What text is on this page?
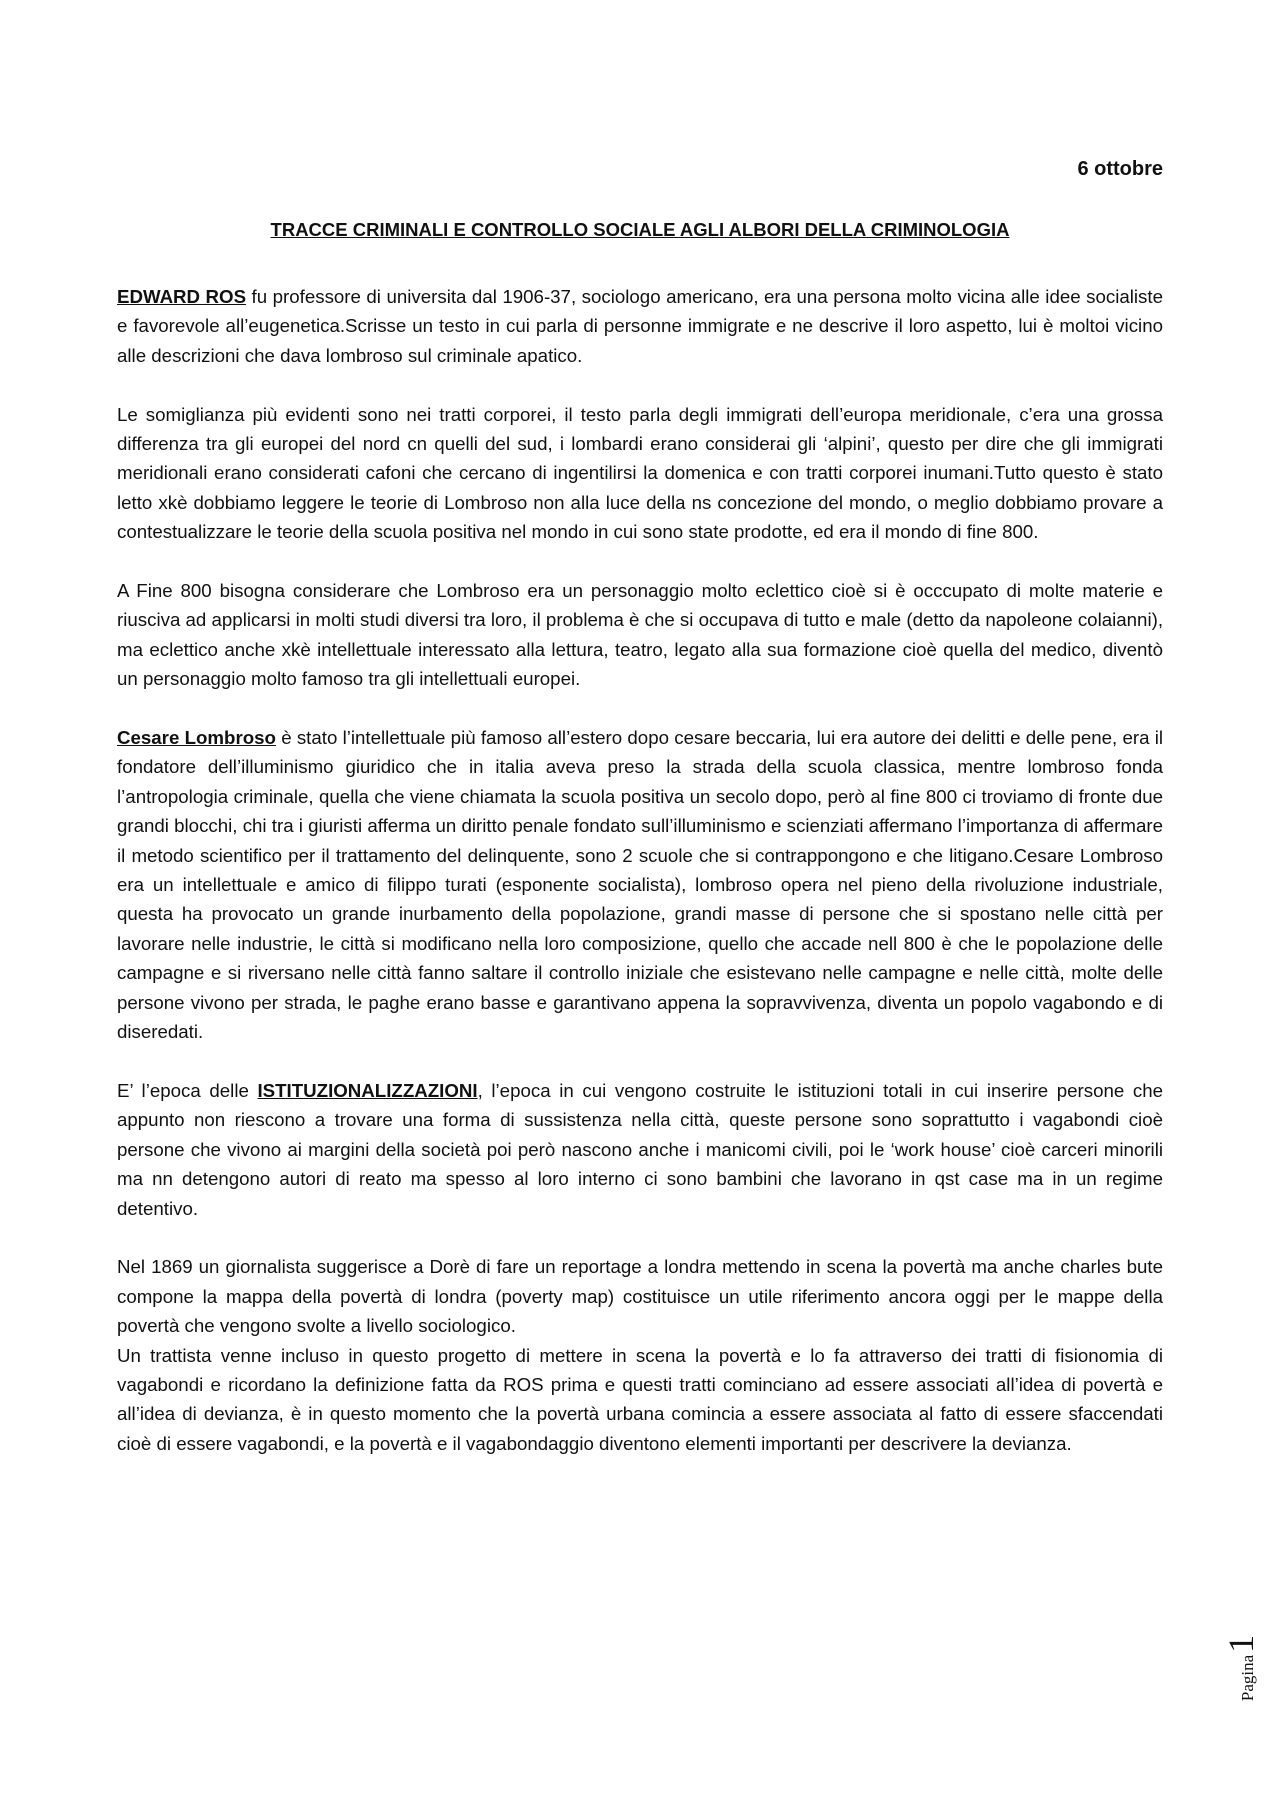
6 ottobre
TRACCE CRIMINALI E CONTROLLO SOCIALE AGLI ALBORI DELLA CRIMINOLOGIA

EDWARD ROS fu professore di universita dal 1906-37, sociologo americano, era una persona molto vicina alle idee socialiste e favorevole all’eugenetica.Scrisse un testo in cui parla di personne immigrate e ne descrive il loro aspetto, lui è moltoi vicino alle descrizioni che dava lombroso sul criminale apatico.

Le somiglianza più evidenti sono nei tratti corporei, il testo parla degli immigrati dell’europa meridionale, c’era una grossa differenza tra gli europei del nord cn quelli del sud, i lombardi erano considerai gli ‘alpini’, questo per dire che gli immigrati meridionali erano considerati cafoni che cercano di ingentilirsi la domenica e con tratti corporei inumani.Tutto questo è stato letto xkè dobbiamo leggere le teorie di Lombroso non alla luce della ns concezione del mondo, o meglio dobbiamo provare a contestualizzare le teorie della scuola positiva nel mondo in cui sono state prodotte, ed era il mondo di fine 800.

A Fine 800 bisogna considerare che Lombroso era un personaggio molto eclettico cioè si è occcupato di molte materie e riusciva ad applicarsi in molti studi diversi tra loro, il problema è che si occupava di tutto e male (detto da napoleone colaianni), ma eclettico anche xkè intellettuale interessato alla lettura, teatro, legato alla sua formazione cioè quella del medico, diventò un personaggio molto famoso tra gli intellettuali europei.

Cesare Lombroso è stato l’intellettuale più famoso all’estero dopo cesare beccaria, lui era autore dei delitti e delle pene, era il fondatore dell’illuminismo giuridico che in italia aveva preso la strada della scuola classica, mentre lombroso fonda l’antropologia criminale, quella che viene chiamata la scuola positiva un secolo dopo, però al fine 800 ci troviamo di fronte due grandi blocchi, chi tra i giuristi afferma un diritto penale fondato sull’illuminismo e scienziati affermano l’importanza di affermare il metodo scientifico per il trattamento del delinquente, sono 2 scuole che si contrappongono e che litigano.Cesare Lombroso era un intellettuale e amico di filippo turati (esponente socialista), lombroso opera nel pieno della rivoluzione industriale, questa ha provocato un grande inurbamento della popolazione, grandi masse di persone che si spostano nelle città per lavorare nelle industrie, le città si modificano nella loro composizione, quello che accade nell 800 è che le popolazione delle campagne e si riversano nelle città fanno saltare il controllo iniziale che esistevano nelle campagne e nelle città, molte delle persone vivono per strada, le paghe erano basse e garantivano appena la sopravvivenza, diventa un popolo vagabondo e di diseredati.

E’ l’epoca delle ISTITUZIONALIZZAZIONI, l’epoca in cui vengono costruite le istituzioni totali in cui inserire persone che appunto non riescono a trovare una forma di sussistenza nella città, queste persone sono soprattutto i vagabondi cioè persone che vivono ai margini della società poi però nascono anche i manicomi civili, poi le ‘work house’ cioè carceri minorili ma nn detengono autori di reato ma spesso al loro interno ci sono bambini che lavorano in qst case ma in un regime detentivo.

Nel 1869 un giornalista suggerisce a Dorè di fare un reportage a londra mettendo in scena la povertà ma anche charles bute compone la mappa della povertà di londra (poverty map) costituisce un utile riferimento ancora oggi per le mappe della povertà che vengono svolte a livello sociologico.

Un trattista venne incluso in questo progetto di mettere in scena la povertà e lo fa attraverso dei tratti di fisionomia di vagabondi e ricordano la definizione fatta da ROS prima e questi tratti cominciano ad essere associati all’idea di povertà e all’idea di devianza, è in questo momento che la povertà urbana comincia a essere associata al fatto di essere sfaccendati cioè di essere vagabondi, e la povertà e il vagabondaggio diventono elementi importanti per descrivere la devianza.

Pagina
1
